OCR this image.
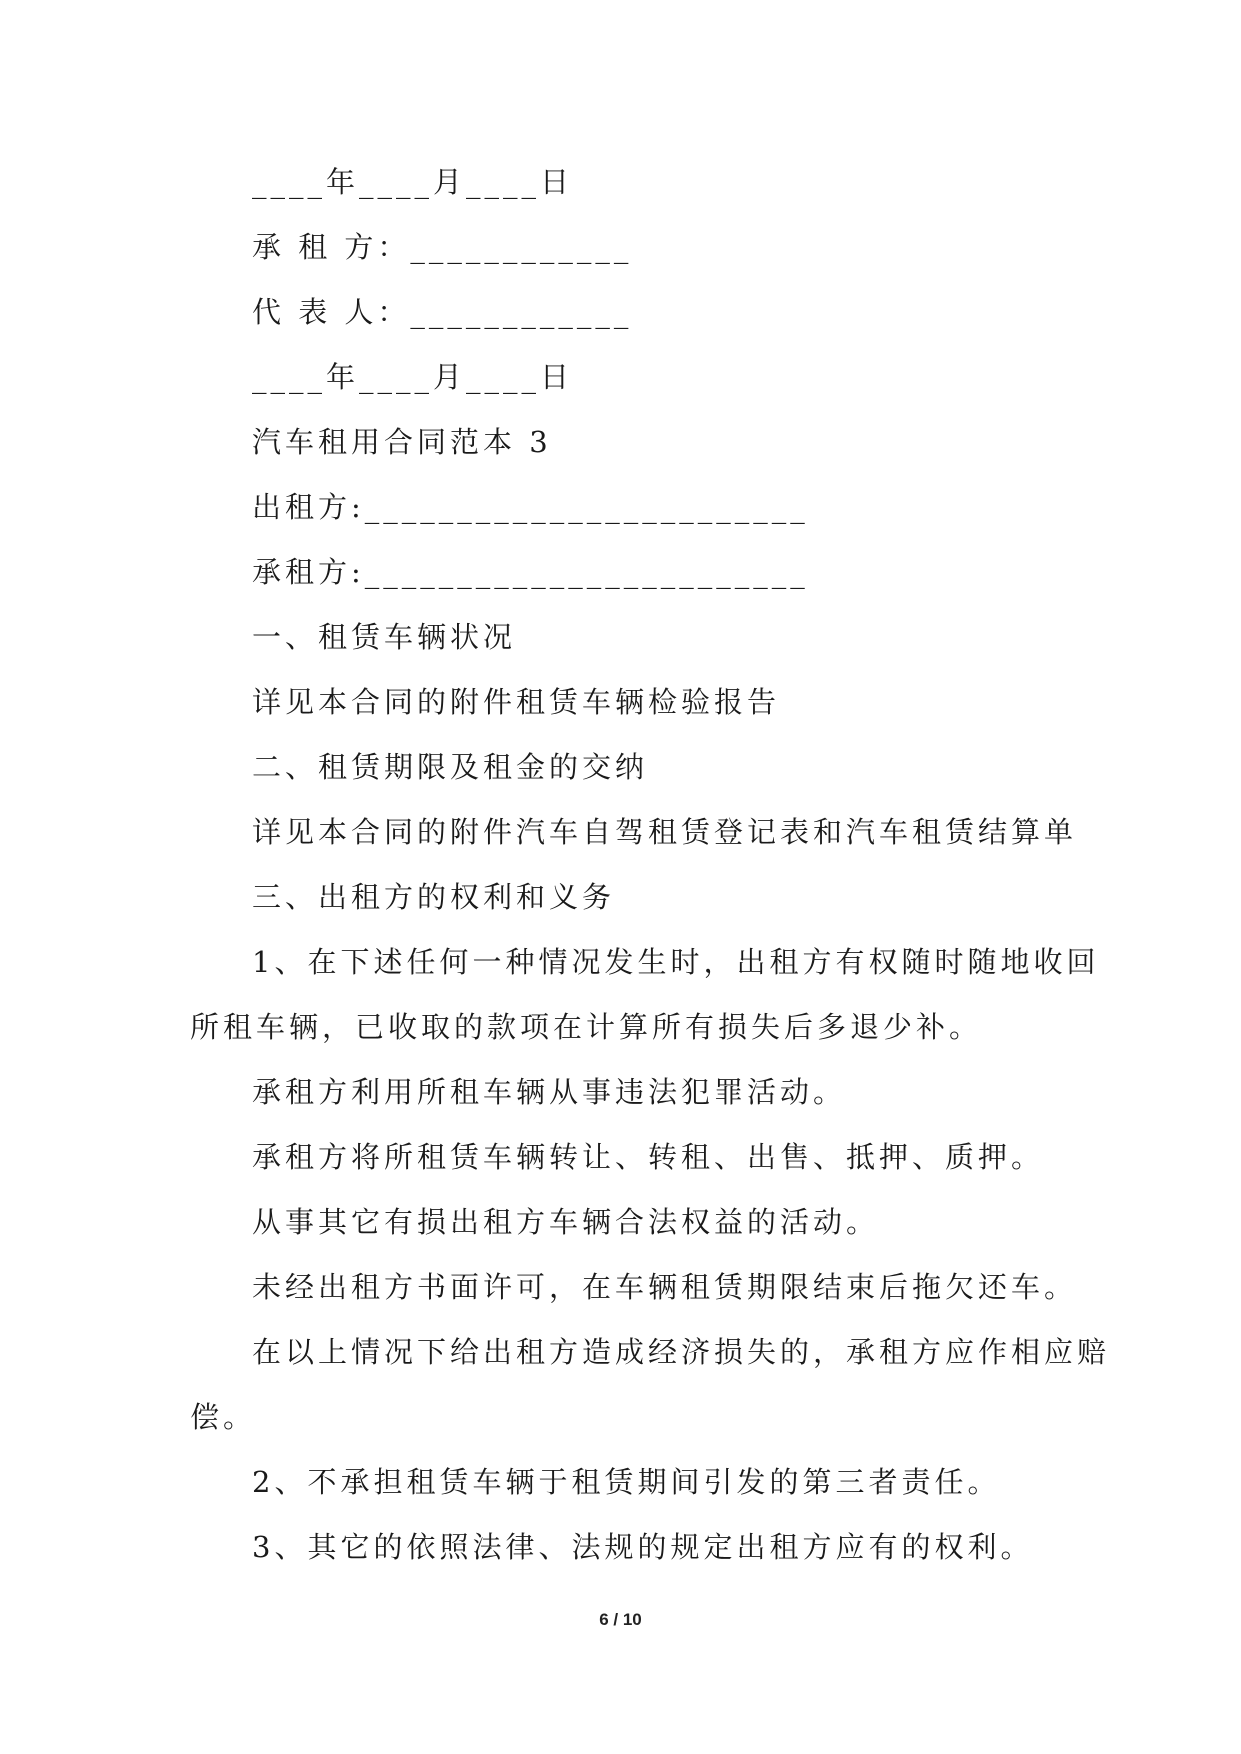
____年____月____日
承 租 方：____________
代 表 人：____________
____年____月____日
汽车租用合同范本 3
出租方:________________________
承租方:________________________
一、租赁车辆状况
详见本合同的附件租赁车辆检验报告
二、租赁期限及租金的交纳
详见本合同的附件汽车自驾租赁登记表和汽车租赁结算单
三、出租方的权利和义务
1、在下述任何一种情况发生时，出租方有权随时随地收回
所租车辆，已收取的款项在计算所有损失后多退少补。
承租方利用所租车辆从事违法犯罪活动。
承租方将所租赁车辆转让、转租、出售、抵押、质押。
从事其它有损出租方车辆合法权益的活动。
未经出租方书面许可，在车辆租赁期限结束后拖欠还车。
在以上情况下给出租方造成经济损失的，承租方应作相应赔
偿。
2、不承担租赁车辆于租赁期间引发的第三者责任。
3、其它的依照法律、法规的规定出租方应有的权利。
6 / 10
